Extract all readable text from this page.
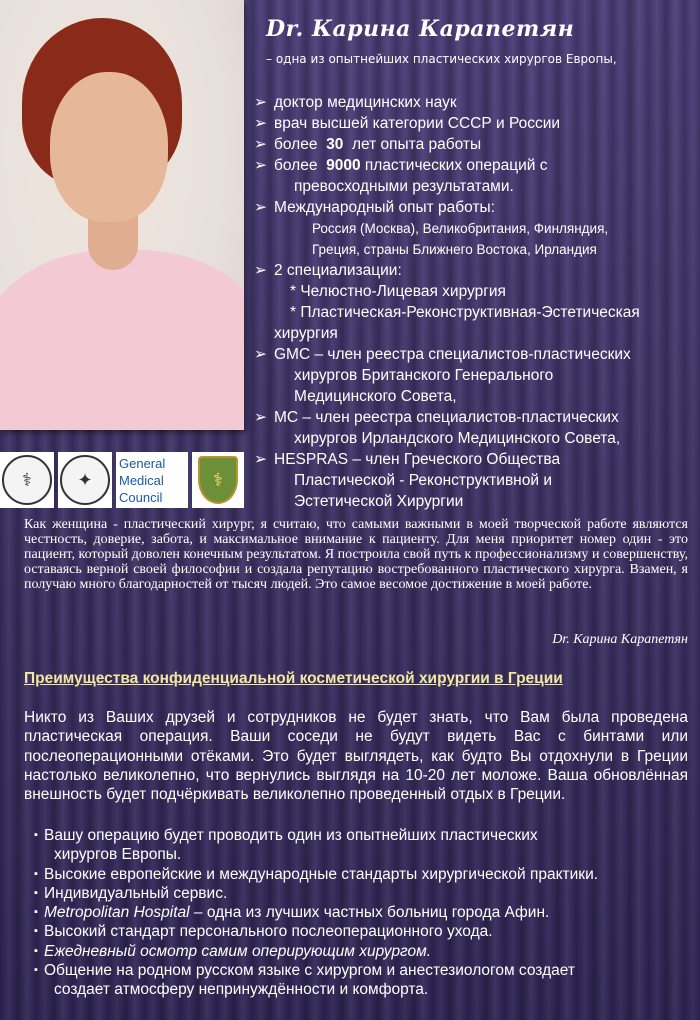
⚕	✦
General
Medical
Council
⚕
Dr. Карина Карапетян

– одна из опытнейших пластических хирургов Европы,

➢ доктор медицинских наук
➢ врач высшей категории СССР и России
➢ более 30 лет опыта работы
➢ более 9000 пластических операций с
превосходными результатами.
➢ Международный опыт работы:
Россия (Москва), Великобритания, Финляндия,
Греция, страны Ближнего Востока, Ирландия
➢ 2 специализации:
* Челюстно-Лицевая хирургия
* Пластическая-Реконструктивная-Эстетическая
хирургия
➢ GMC – член реестра специалистов-пластических
хирургов Британского Генерального
Медицинского Совета,
➢ MC – член реестра специалистов-пластических
хирургов Ирландского Медицинского Совета,
➢ HESPRAS – член Греческого Общества
Пластической - Реконструктивной и
Эстетической Хирургии

Как женщина - пластический хирург, я считаю, что самыми важными в моей творческой работе являются честность, доверие, забота, и максимальное внимание к пациенту. Для меня приоритет номер один - это пациент, который доволен конечным результатом. Я построила свой путь к профессионализму и совершенству, оставаясь верной своей философии и создала репутацию востребованного пластического хирурга. Взамен, я получаю много благодарностей от тысяч людей. Это самое весомое достижение в моей работе.

Dr. Карина Карапетян

Преимущества конфиденциальной косметической хирургии в Греции

Никто из Ваших друзей и сотрудников не будет знать, что Вам была проведена пластическая операция. Ваши соседи не будут видеть Вас с бинтами или послеоперационными отёками. Это будет выглядеть, как будто Вы отдохнули в Греции настолько великолепно, что вернулись выглядя на 10-20 лет моложе. Ваша обновлённая внешность будет подчёркивать великолепно проведенный отдых в Греции.

▪ Вашу операцию будет проводить один из опытнейших пластических
хирургов Европы.
▪ Высокие европейские и международные стандарты хирургической практики.
▪ Индивидуальный сервис.
▪ Metropolitan Hospital – одна из лучших частных больниц города Афин.
▪ Высокий стандарт персонального послеоперационного ухода.
▪ Ежедневный осмотр самим оперирующим хирургом.
▪ Общение на родном русском языке с хирургом и анестезиологом создает
создает атмосферу непринуждённости и комфорта.
